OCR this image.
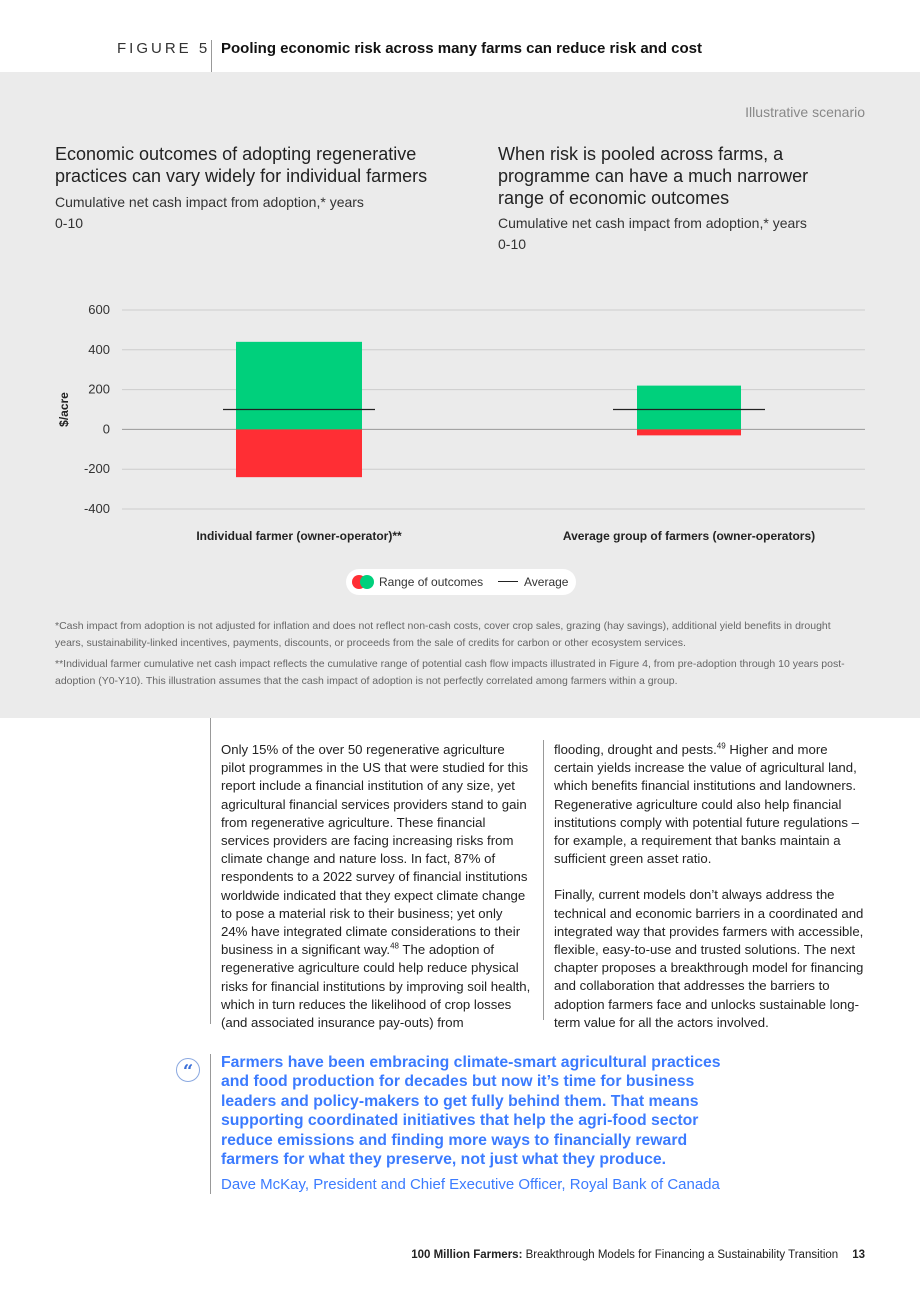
FIGURE 5 Pooling economic risk across many farms can reduce risk and cost
Illustrative scenario
Economic outcomes of adopting regenerative practices can vary widely for individual farmers
Cumulative net cash impact from adoption,* years 0-10
When risk is pooled across farms, a programme can have a much narrower range of economic outcomes
Cumulative net cash impact from adoption,* years 0-10
600
400
200
0
-200
-400
$/acre
Individual farmer (owner-operator)**	Average group of farmers (owner-operators)
Range of outcomes	Average
*Cash impact from adoption is not adjusted for inflation and does not reflect non-cash costs, cover crop sales, grazing (hay savings), additional yield benefits in drought years, sustainability-linked incentives, payments, discounts, or proceeds from the sale of credits for carbon or other ecosystem services.
**Individual farmer cumulative net cash impact reflects the cumulative range of potential cash flow impacts illustrated in Figure 4, from pre-adoption through 10 years post-adoption (Y0-Y10). This illustration assumes that the cash impact of adoption is not perfectly correlated among farmers within a group.
Only 15% of the over 50 regenerative agriculture pilot programmes in the US that were studied for this report include a financial institution of any size, yet agricultural financial services providers stand to gain from regenerative agriculture. These financial services providers are facing increasing risks from climate change and nature loss. In fact, 87% of respondents to a 2022 survey of financial institutions worldwide indicated that they expect climate change to pose a material risk to their business; yet only 24% have integrated climate considerations to their business in a significant way.$^{48}$ The adoption of regenerative agriculture could help reduce physical risks for financial institutions by improving soil health, which in turn reduces the likelihood of crop losses (and associated insurance pay-outs) from

flooding, drought and pests.$^{49}$ Higher and more certain yields increase the value of agricultural land, which benefits financial institutions and landowners. Regenerative agriculture could also help financial institutions comply with potential future regulations – for example, a requirement that banks maintain a sufficient green asset ratio.

Finally, current models don’t always address the technical and economic barriers in a coordinated and integrated way that provides farmers with accessible, flexible, easy-to-use and trusted solutions. The next chapter proposes a breakthrough model for financing and collaboration that addresses the barriers to adoption farmers face and unlocks sustainable long-term value for all the actors involved.

“	Farmers have been embracing climate-smart agricultural practices and food production for decades but now it’s time for business leaders and policy-makers to get fully behind them. That means supporting coordinated initiatives that help the agri-food sector reduce emissions and finding more ways to financially reward farmers for what they preserve, not just what they produce.
Dave McKay, President and Chief Executive Officer, Royal Bank of Canada
100 Million Farmers: Breakthrough Models for Financing a Sustainability Transition 13
